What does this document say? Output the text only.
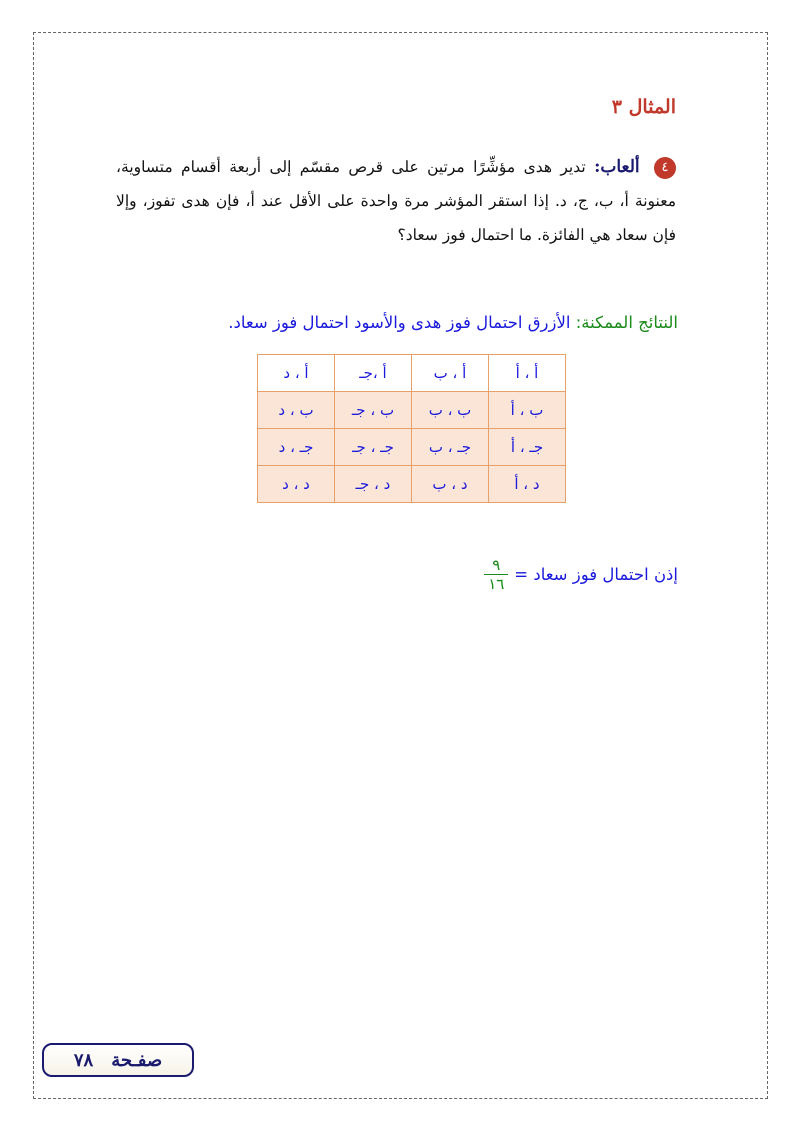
المثال ٣
٤ ألعاب: تدير هدى مؤشِّرًا مرتين على قرص مقسّم إلى أربعة أقسام متساوية، معنونة أ، ب، ج، د. إذا استقر المؤشر مرة واحدة على الأقل عند أ، فإن هدى تفوز، وإلا فإن سعاد هي الفائزة. ما احتمال فوز سعاد؟
النتائج الممكنة: الأزرق احتمال فوز هدى والأسود احتمال فوز سعاد.
أ ، أ	أ ، ب	أ ،جـ	أ ، د
ب ، أ	ب ، ب	ب ، جـ	ب ، د
جـ ، أ	جـ ، ب	جـ ، جـ	جـ ، د
د ، أ	د ، ب	د ، جـ	د ، د
إذن احتمال فوز سعاد =
$\frac{٩}{١٦}$
صفـحة
٧٨
